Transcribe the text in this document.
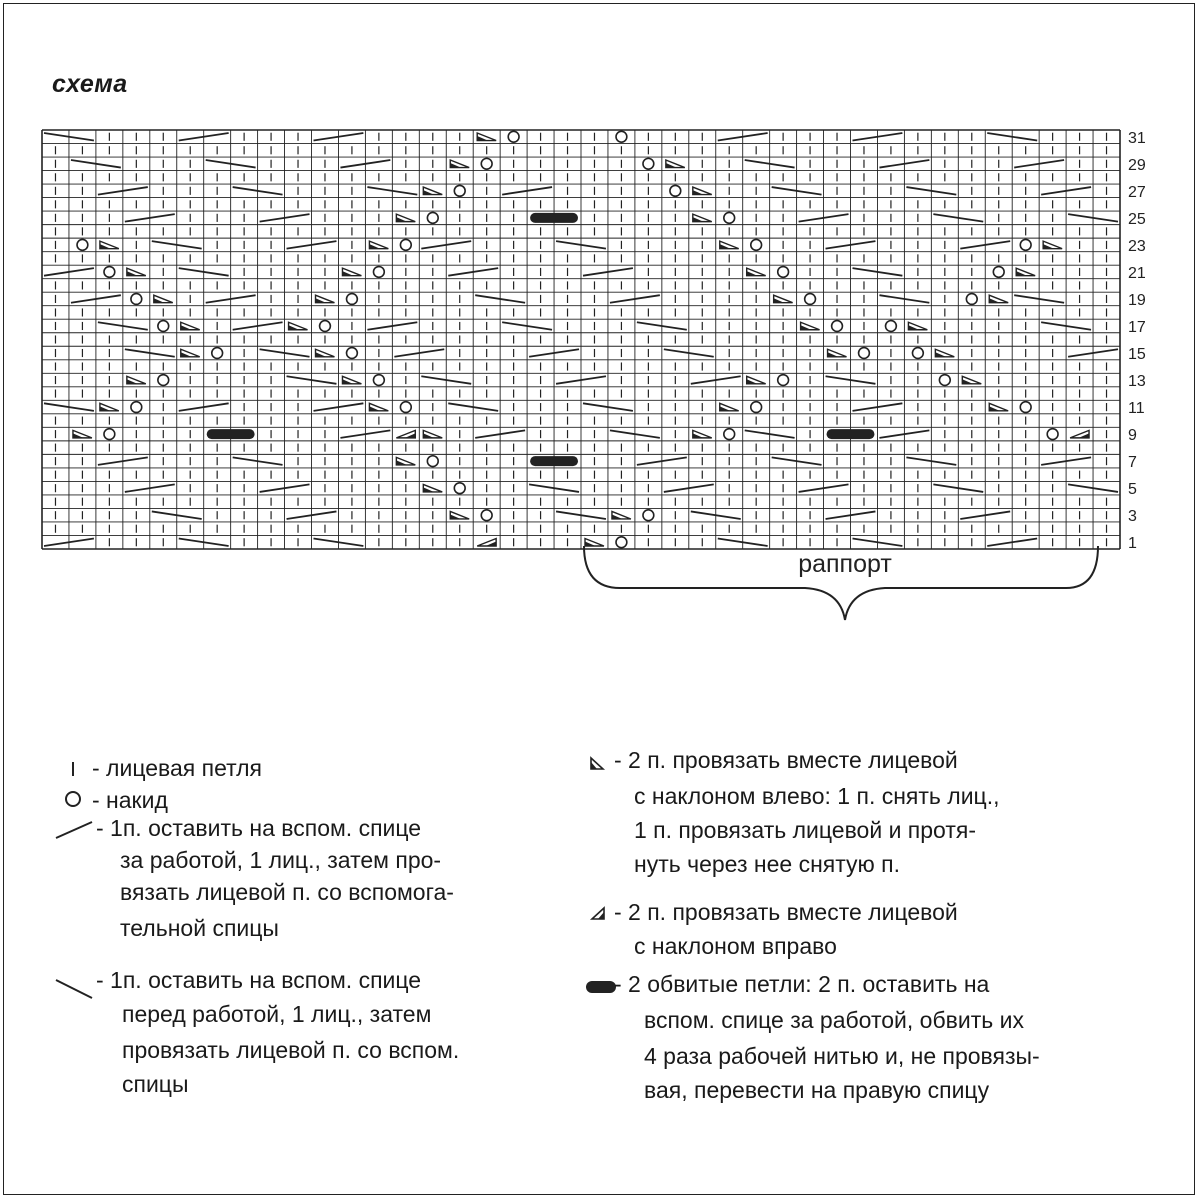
схема
31
29
27
25
23
21
19
17
15
13
11
9
7
5
3
1
раппорт
- лицевая петля
- накид
- 1п. оставить на вспом. спице
за работой, 1 лиц., затем про-
вязать лицевой п. со вспомога-
тельной спицы
- 1п. оставить на вспом. спице
перед работой, 1 лиц., затем
провязать лицевой п. со вспом.
спицы
- 2 п. провязать вместе лицевой
с наклоном влево: 1 п. снять лиц.,
1 п. провязать лицевой и протя-
нуть через нее снятую п.
- 2 п. провязать вместе лицевой
с наклоном вправо
- 2 обвитые петли: 2 п. оставить на
вспом. спице за работой, обвить их
4 раза рабочей нитью и, не провязы-
вая, перевести на правую спицу
